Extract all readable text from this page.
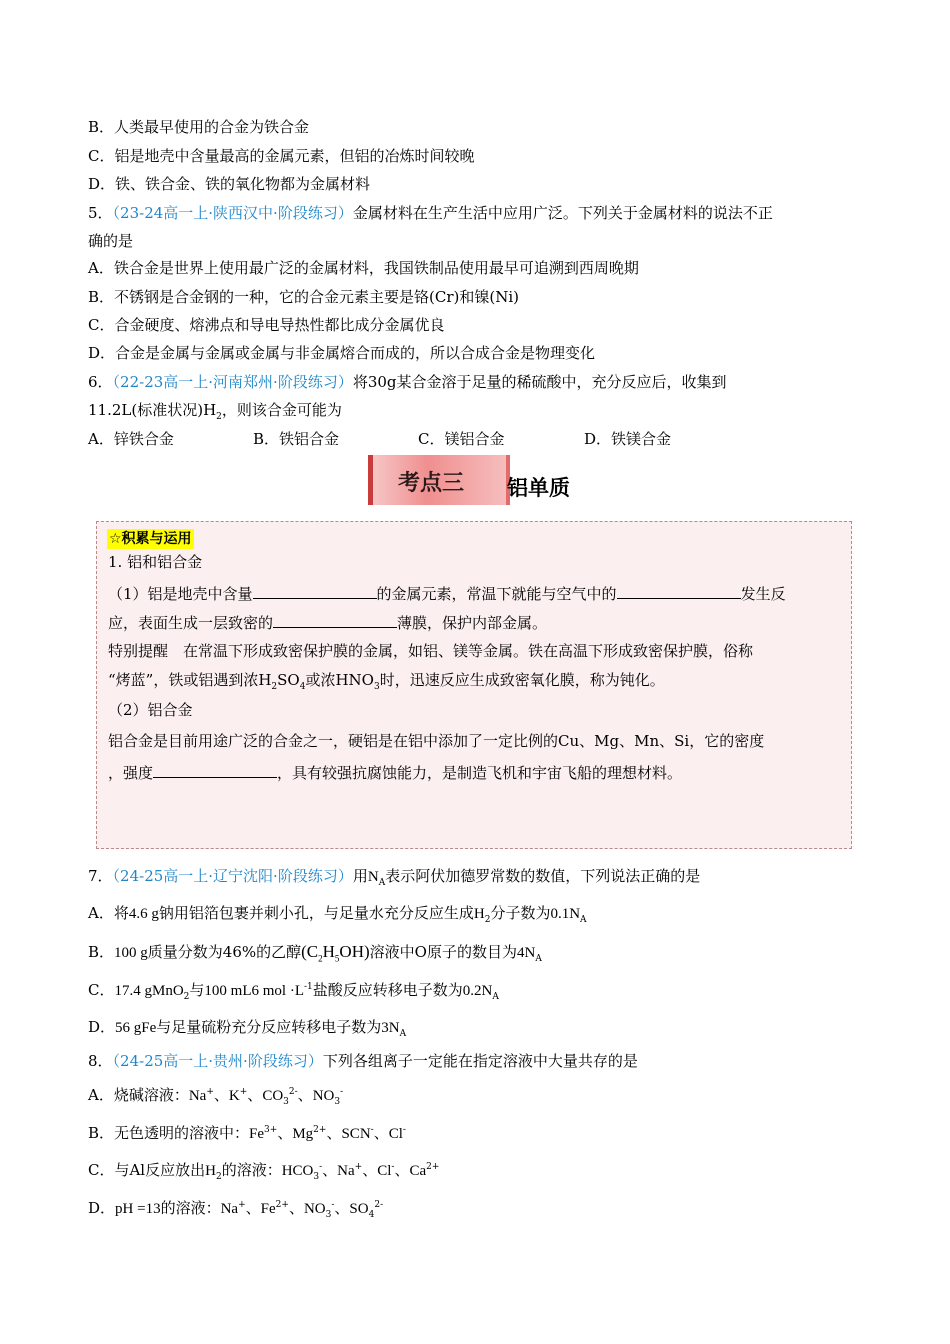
B．人类最早使用的合金为铁合金
C．铝是地壳中含量最高的金属元素，但铝的冶炼时间较晚
D．铁、铁合金、铁的氧化物都为金属材料
5．（23-24高一上·陕西汉中·阶段练习）金属材料在生产生活中应用广泛。下列关于金属材料的说法不正
确的是
A．铁合金是世界上使用最广泛的金属材料，我国铁制品使用最早可追溯到西周晚期
B．不锈钢是合金钢的一种，它的合金元素主要是铬(Cr)和镍(Ni)
C．合金硬度、熔沸点和导电导热性都比成分金属优良
D．合金是金属与金属或金属与非金属熔合而成的，所以合成合金是物理变化
6．（22-23高一上·河南郑州·阶段练习）将30g某合金溶于足量的稀硫酸中，充分反应后，收集到
11.2L(标准状况)$H_2$，则该合金可能为
A．锌铁合金	B．铁铝合金	C．镁铝合金	D．铁镁合金
考点三 铝单质
☆积累与运用
1. 铝和铝合金
（1）铝是地壳中含量	的金属元素，常温下就能与空气中的	发生反
应，表面生成一层致密的	薄膜，保护内部金属。
特别提醒　在常温下形成致密保护膜的金属，如铝、镁等金属。铁在高温下形成致密保护膜，俗称
“烤蓝”，铁或铝遇到浓$H_2SO_4$或浓$HNO_3$时，迅速反应生成致密氧化膜，称为钝化。
（2）铝合金
铝合金是目前用途广泛的合金之一，硬铝是在铝中添加了一定比例的Cu、Mg、Mn、Si，它的密度
，强度	，具有较强抗腐蚀能力，是制造飞机和宇宙飞船的理想材料。
7．（24-25高一上·辽宁沈阳·阶段练习）用$N_A$表示阿伏加德罗常数的数值，下列说法正确的是
A．将4.6 g钠用铝箔包裹并刺小孔，与足量水充分反应生成$H_2$分子数为$0.1N_A$
B．100 g质量分数为46%的乙醇$(C_2H_5OH)$溶液中O原子的数目为$4N_A$
C．17.4 gMnO$_2$与100 mL6 mol $\cdot L^{-1}$盐酸反应转移电子数为$0.2N_A$
D．56 gFe与足量硫粉充分反应转移电子数为$3N_A$
8．（24-25高一上·贵州·阶段练习）下列各组离子一定能在指定溶液中大量共存的是
A．烧碱溶液：Na+、K+、$CO_3^{2-}$、$NO_3^-$
B．无色透明的溶液中：$Fe^{3+}$、$Mg^{2+}$、SCN-、Cl-
C．与Al反应放出$H_2$的溶液：$HCO_3^-$、Na+、Cl-、$Ca^{2+}$
D．pH =13的溶液：Na+、$Fe^{2+}$、$NO_3^-$、$SO_4^{2-}$
